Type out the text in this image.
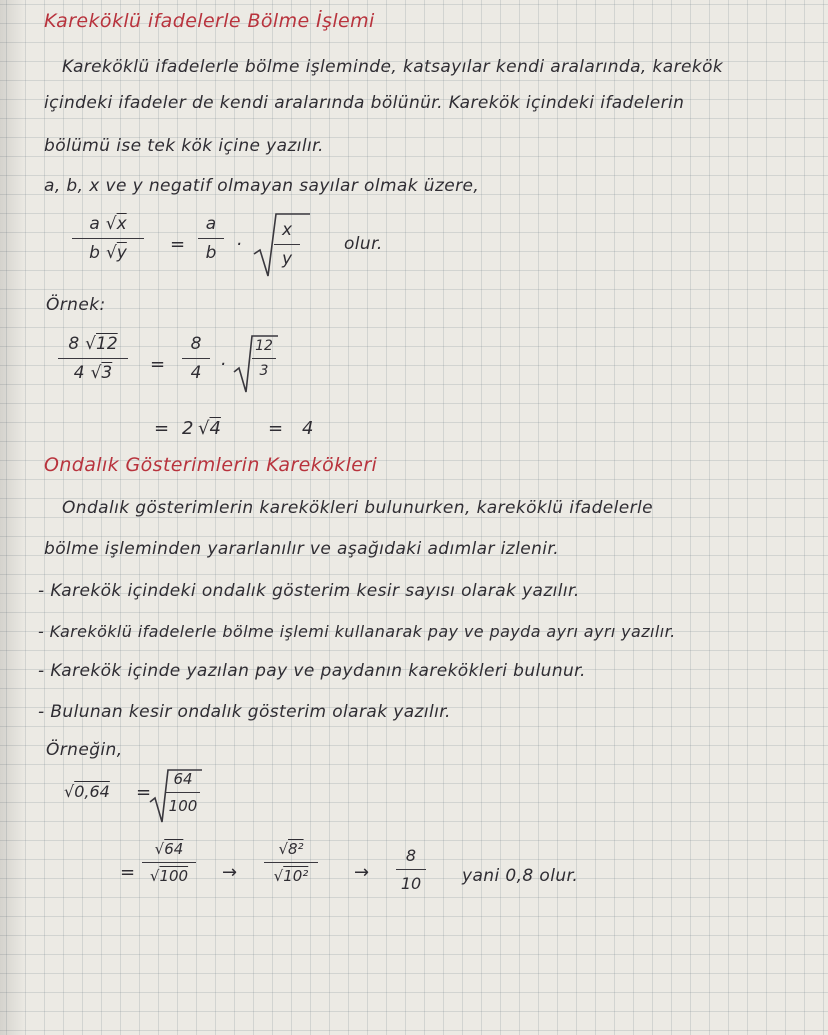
Kareköklü ifadelerle Bölme İşlemi
Kareköklü ifadelerle bölme işleminde, katsayılar kendi aralarında, karekök
içindeki ifadeler de kendi aralarında bölünür. Karekök içindeki ifadelerin
bölümü ise tek kök içine yazılır.
a, b, x ve y negatif olmayan sayılar olmak üzere,
a √x
b √y =
a
b ·
x
y
olur.
Örnek:
8 √12
4 √3 =
8
4 ·
12
3
= 2 √4	= 4
Ondalık Gösterimlerin Karekökleri
Ondalık gösterimlerin karekökleri bulunurken, kareköklü ifadelerle
bölme işleminden yararlanılır ve aşağıdaki adımlar izlenir.
- Karekök içindeki ondalık gösterim kesir sayısı olarak yazılır.
- Kareköklü ifadelerle bölme işlemi kullanarak pay ve payda ayrı ayrı yazılır.
- Karekök içinde yazılan pay ve paydanın karekökleri bulunur.
- Bulunan kesir ondalık gösterim olarak yazılır.
Örneğin,
√0,64 =
64
100
=
√64
√100 →
√8²
√10²	→
8
10 yani 0,8 olur.
